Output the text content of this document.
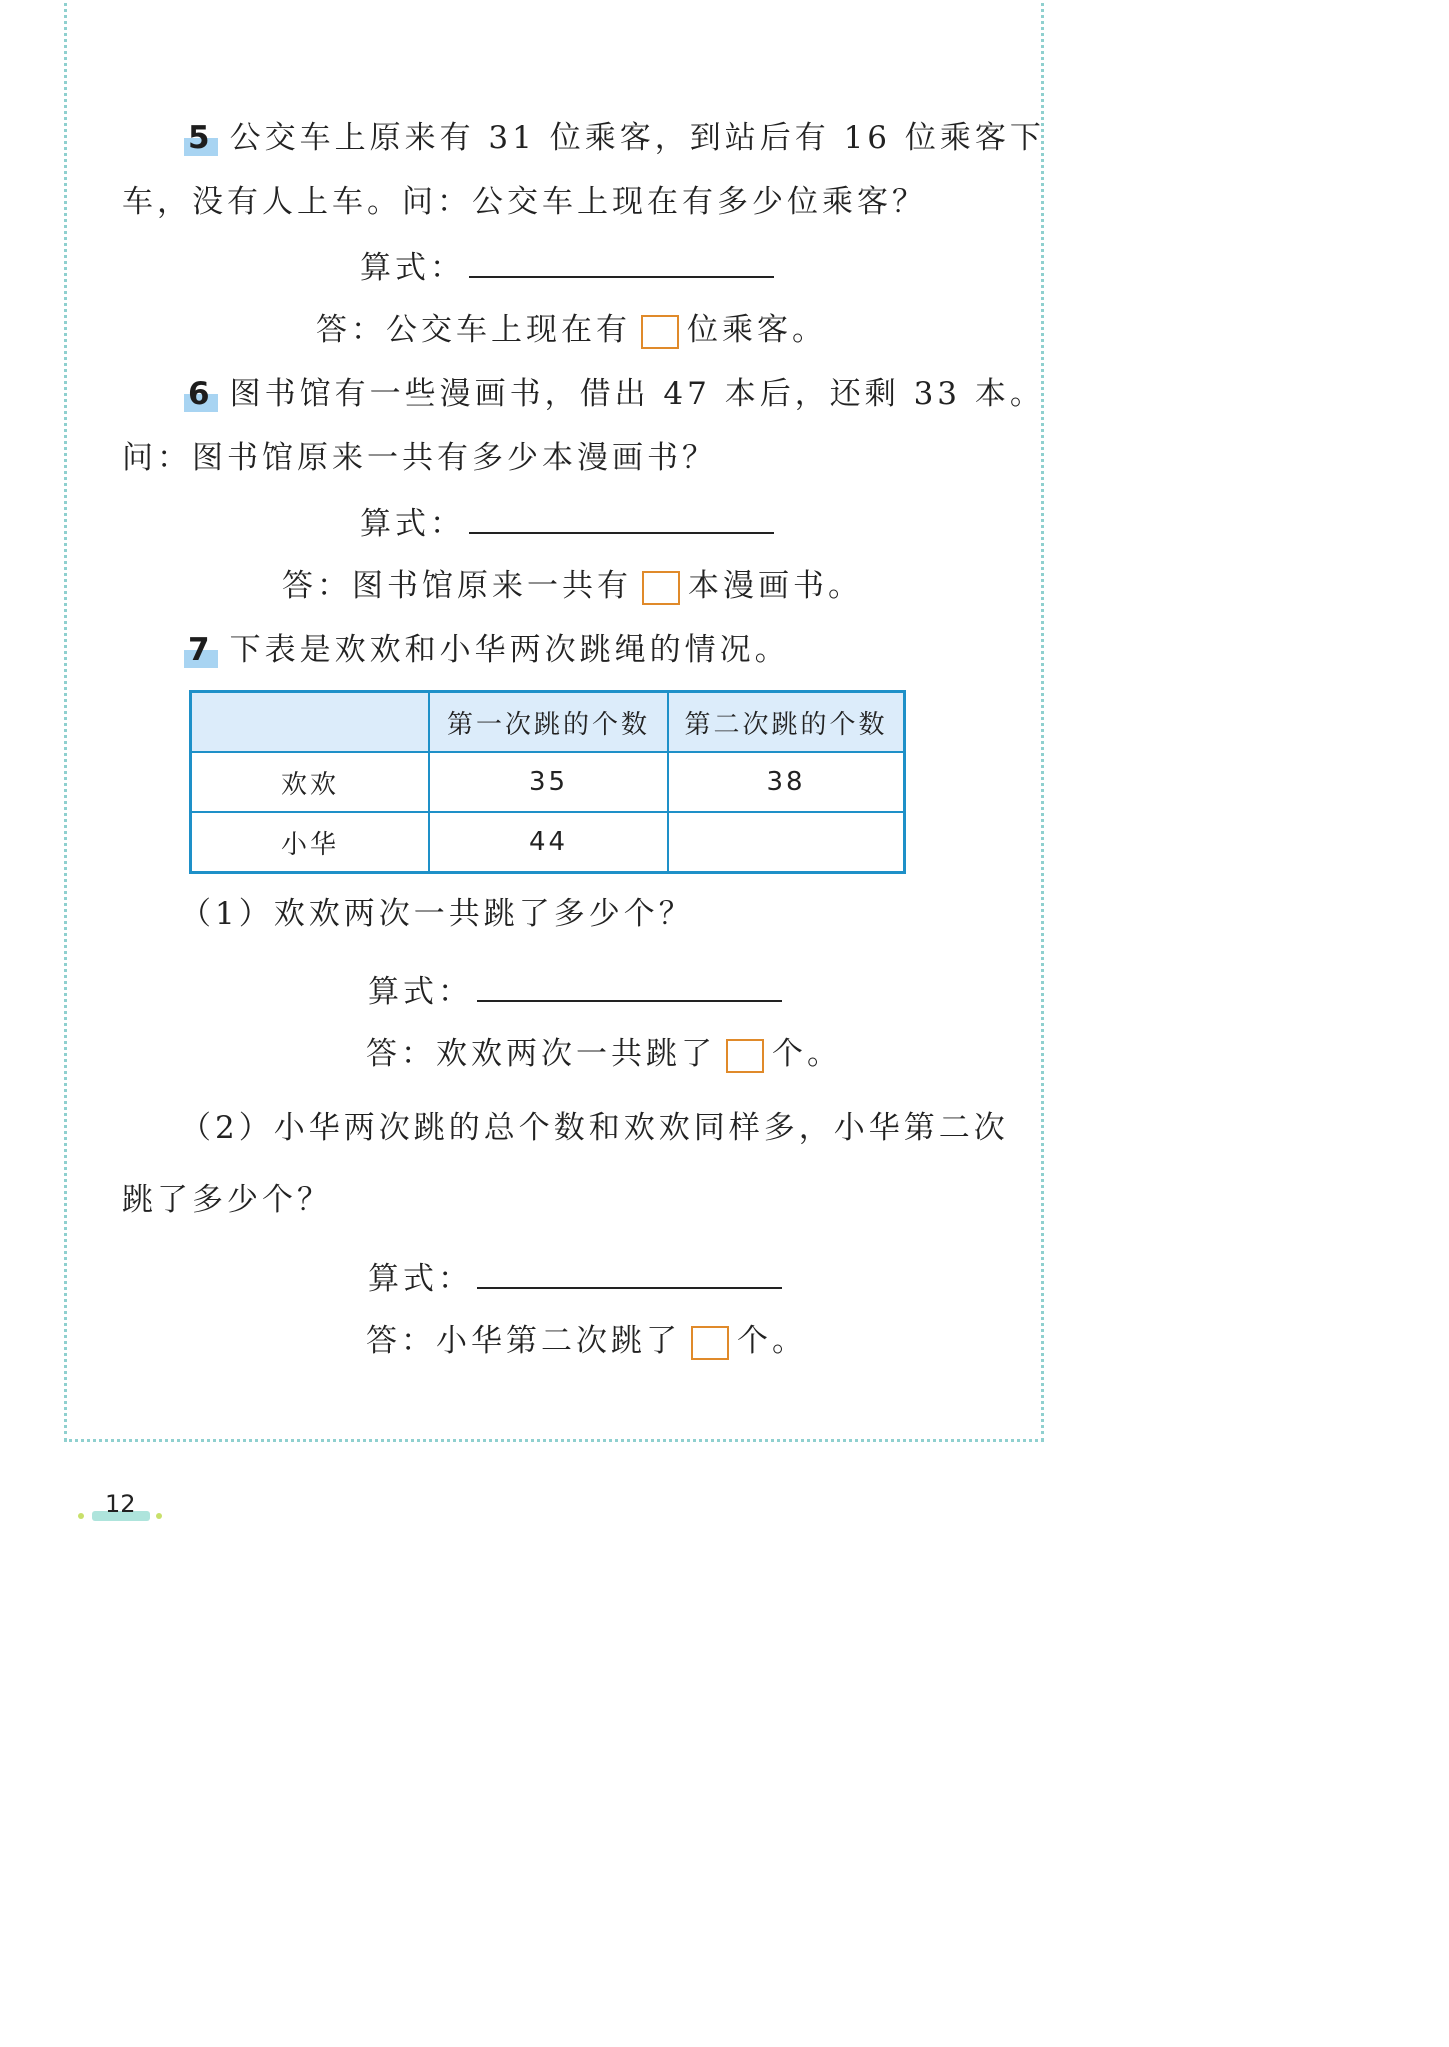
5 公交车上原来有 31 位乘客，到站后有 16 位乘客下
车，没有人上车。问：公交车上现在有多少位乘客？
算式：
答：公交车上现在有 位乘客。
6 图书馆有一些漫画书，借出 47 本后，还剩 33 本。
问：图书馆原来一共有多少本漫画书？
算式：
答：图书馆原来一共有 本漫画书。
7 下表是欢欢和小华两次跳绳的情况。
	第一次跳的个数	第二次跳的个数
欢欢	35	38
小华	44	
（1）欢欢两次一共跳了多少个？
算式：
答：欢欢两次一共跳了 个。
（2）小华两次跳的总个数和欢欢同样多，小华第二次
跳了多少个？
算式：
答：小华第二次跳了 个。
12
